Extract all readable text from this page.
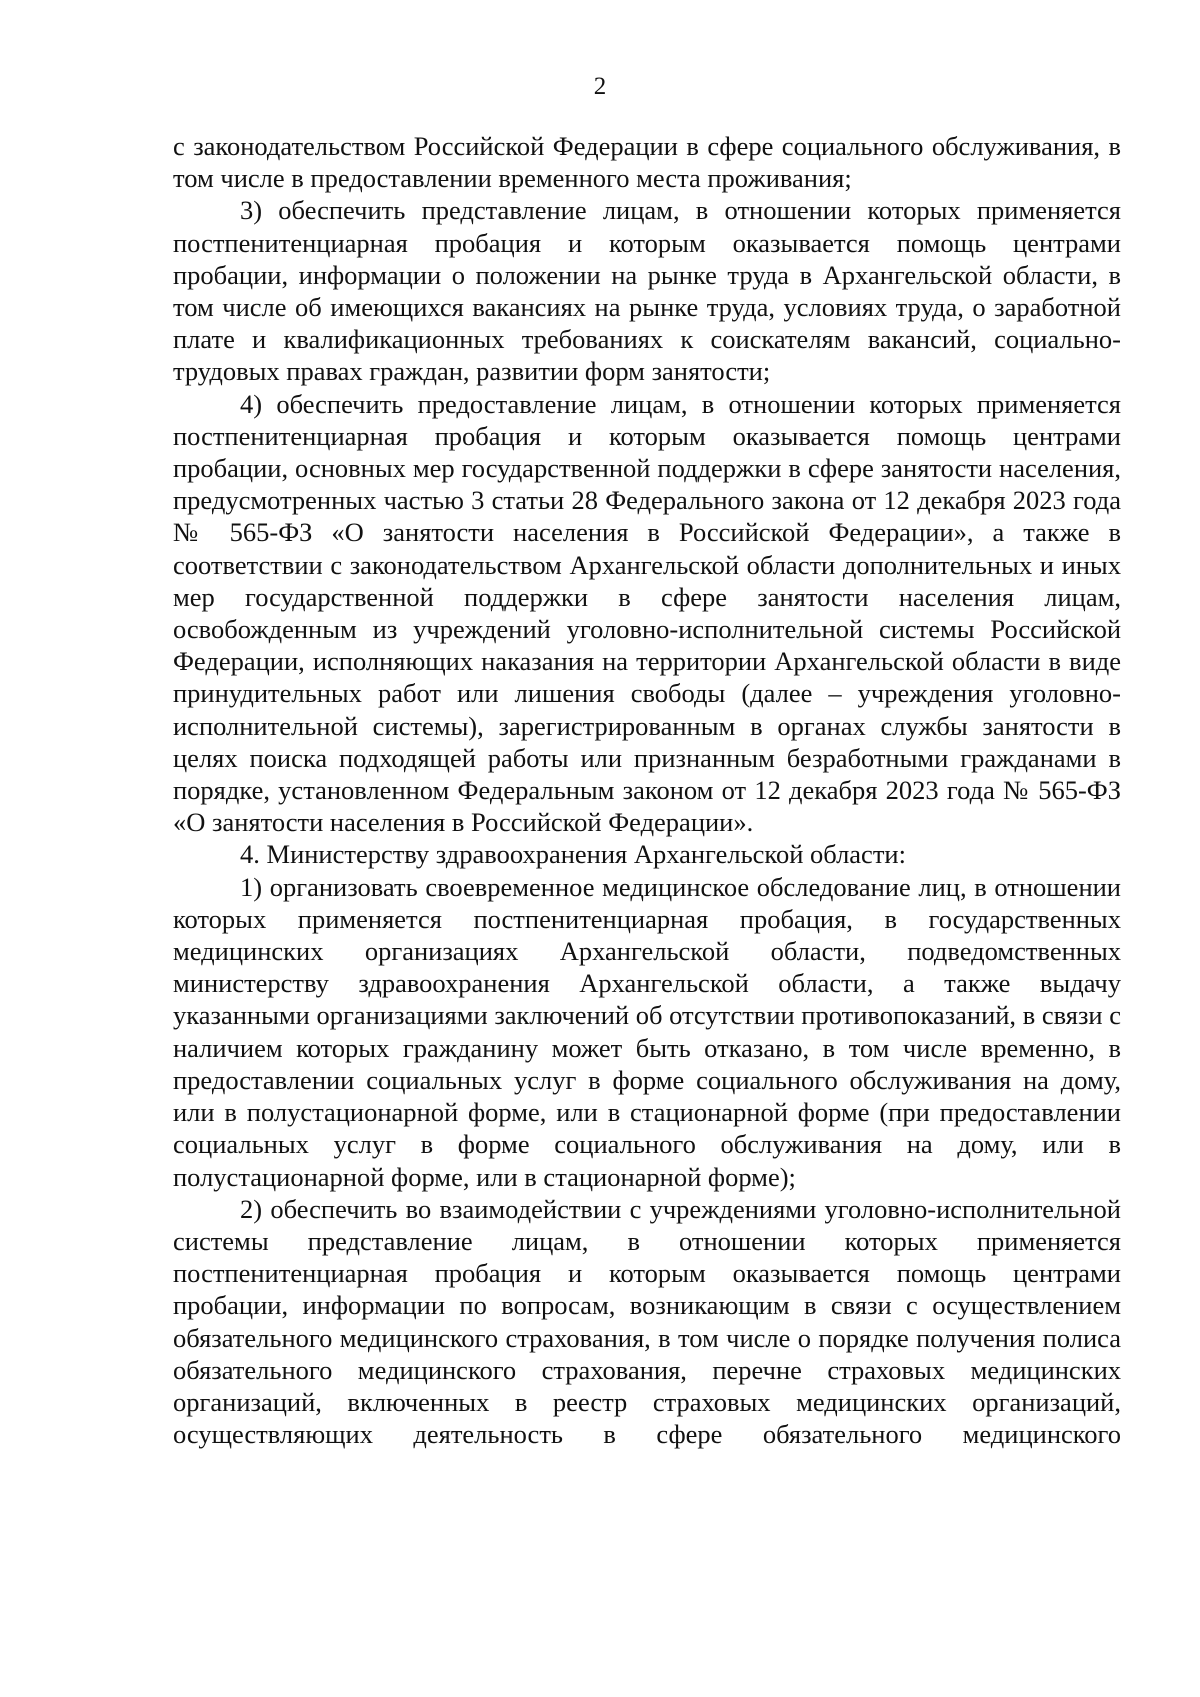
2

с законодательством Российской Федерации в сфере социального обслуживания, в том числе в предоставлении временного места проживания;

3) обеспечить представление лицам, в отношении которых применяется постпенитенциарная пробация и которым оказывается помощь центрами пробации, информации о положении на рынке труда в Архангельской области, в том числе об имеющихся вакансиях на рынке труда, условиях труда, о заработной плате и квалификационных требованиях к соискателям вакансий, социально-трудовых правах граждан, развитии форм занятости;

4) обеспечить предоставление лицам, в отношении которых применяется постпенитенциарная пробация и которым оказывается помощь центрами пробации, основных мер государственной поддержки в сфере занятости населения, предусмотренных частью 3 статьи 28 Федерального закона от 12 декабря 2023 года № 565-ФЗ «О занятости населения в Российской Федерации», а также в соответствии с законодательством Архангельской области дополнительных и иных мер государственной поддержки в сфере занятости населения лицам, освобожденным из учреждений уголовно-исполнительной системы Российской Федерации, исполняющих наказания на территории Архангельской области в виде принудительных работ или лишения свободы (далее – учреждения уголовно-исполнительной системы), зарегистрированным в органах службы занятости в целях поиска подходящей работы или признанным безработными гражданами в порядке, установленном Федеральным законом от 12 декабря 2023 года № 565-ФЗ «О занятости населения в Российской Федерации».

4. Министерству здравоохранения Архангельской области:

1) организовать своевременное медицинское обследование лиц, в отношении которых применяется постпенитенциарная пробация, в государственных медицинских организациях Архангельской области, подведомственных министерству здравоохранения Архангельской области, а также выдачу указанными организациями заключений об отсутствии противопоказаний, в связи с наличием которых гражданину может быть отказано, в том числе временно, в предоставлении социальных услуг в форме социального обслуживания на дому, или в полустационарной форме, или в стационарной форме (при предоставлении социальных услуг в форме социального обслуживания на дому, или в полустационарной форме, или в стационарной форме);

2) обеспечить во взаимодействии с учреждениями уголовно-исполнительной системы представление лицам, в отношении которых применяется постпенитенциарная пробация и которым оказывается помощь центрами пробации, информации по вопросам, возникающим в связи с осуществлением обязательного медицинского страхования, в том числе о порядке получения полиса обязательного медицинского страхования, перечне страховых медицинских организаций, включенных в реестр страховых медицинских организаций, осуществляющих деятельность в сфере обязательного медицинского
